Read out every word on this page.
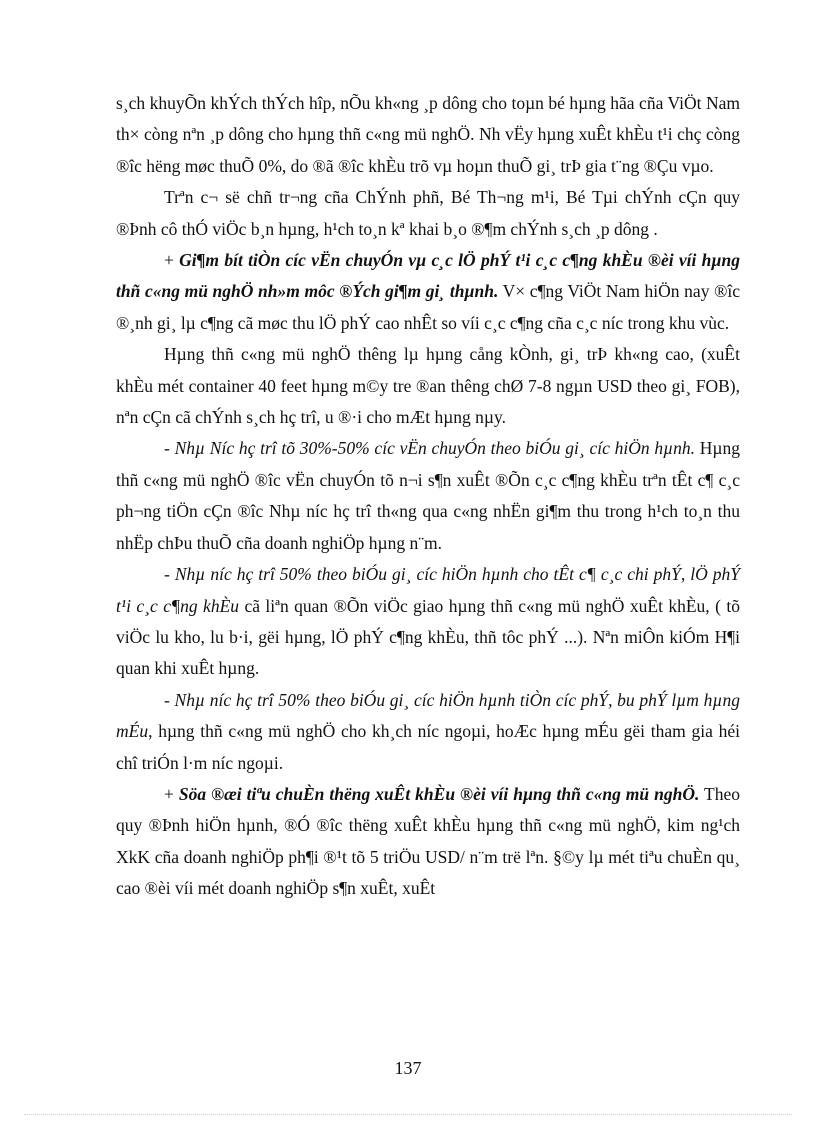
s¸ch khuyÕn khÝch thÝch hîp, nÕu kh«ng ¸p dông cho toµn bé hµng hãa cña ViÖt Nam th× còng nªn ¸p dông cho hµng thñ c«ng mü nghÖ. Nh vËy hµng xuÊt khÈu t¹i chç còng ®îc hëng møc thuÕ 0%, do ®ã ®îc khÈu trõ vµ hoµn thuÕ gi¸ trÞ gia t¨ng ®Çu vµo.

Trªn c¬ së chñ tr¬ng cña ChÝnh phñ, Bé Th¬ng m¹i, Bé Tµi chÝnh cÇn quy ®Þnh cô thÓ viÖc b¸n hµng, h¹ch to¸n kª khai b¸o ®¶m chÝnh s¸ch ¸p dông .

+ Gi¶m bít tiÒn cíc vËn chuyÓn vµ c¸c lÖ phÝ t¹i c¸c c¶ng khÈu ®èi víi hµng thñ c«ng mü nghÖ nh»m môc ®Ých gi¶m gi¸ thµnh. V× c¶ng ViÖt Nam hiÖn nay ®îc ®¸nh gi¸ lµ c¶ng cã møc thu lÖ phÝ cao nhÊt so víi c¸c c¶ng cña c¸c níc trong khu vùc.

Hµng thñ c«ng mü nghÖ thêng lµ hµng cång kÒnh, gi¸ trÞ kh«ng cao, (xuÊt khÈu mét container 40 feet hµng m©y tre ®an thêng chØ 7-8 ngµn USD theo gi¸ FOB), nªn cÇn cã chÝnh s¸ch hç trî, u ®·i cho mÆt hµng nµy.

- Nhµ Níc hç trî tõ 30%-50% cíc vËn chuyÓn theo biÓu gi¸ cíc hiÖn hµnh. Hµng thñ c«ng mü nghÖ ®îc vËn chuyÓn tõ n¬i s¶n xuÊt ®Õn c¸c c¶ng khÈu trªn tÊt c¶ c¸c ph¬ng tiÖn cÇn ®îc Nhµ níc hç trî th«ng qua c«ng nhËn gi¶m thu trong h¹ch to¸n thu nhËp chÞu thuÕ cña doanh nghiÖp hµng n¨m.

- Nhµ níc hç trî 50% theo biÓu gi¸ cíc hiÖn hµnh cho tÊt c¶ c¸c chi phÝ, lÖ phÝ t¹i c¸c c¶ng khÈu cã liªn quan ®Õn viÖc giao hµng thñ c«ng mü nghÖ xuÊt khÈu, ( tõ viÖc lu kho, lu b·i, gëi hµng, lÖ phÝ c¶ng khÈu, thñ tôc phÝ ...). Nªn miÔn kiÓm H¶i quan khi xuÊt hµng.

- Nhµ níc hç trî 50% theo biÓu gi¸ cíc hiÖn hµnh tiÒn cíc phÝ, bu phÝ lµm hµng mÉu, hµng thñ c«ng mü nghÖ cho kh¸ch níc ngoµi, hoÆc hµng mÉu gëi tham gia héi chî triÓn l·m níc ngoµi.

+ Söa ®æi tiªu chuÈn thëng xuÊt khÈu ®èi víi hµng thñ c«ng mü nghÖ. Theo quy ®Þnh hiÖn hµnh, ®Ó ®îc thëng xuÊt khÈu hµng thñ c«ng mü nghÖ, kim ng¹ch XkK cña doanh nghiÖp ph¶i ®¹t tõ 5 triÖu USD/ n¨m trë lªn. §©y lµ mét tiªu chuÈn qu¸ cao ®èi víi mét doanh nghiÖp s¶n xuÊt, xuÊt

137
